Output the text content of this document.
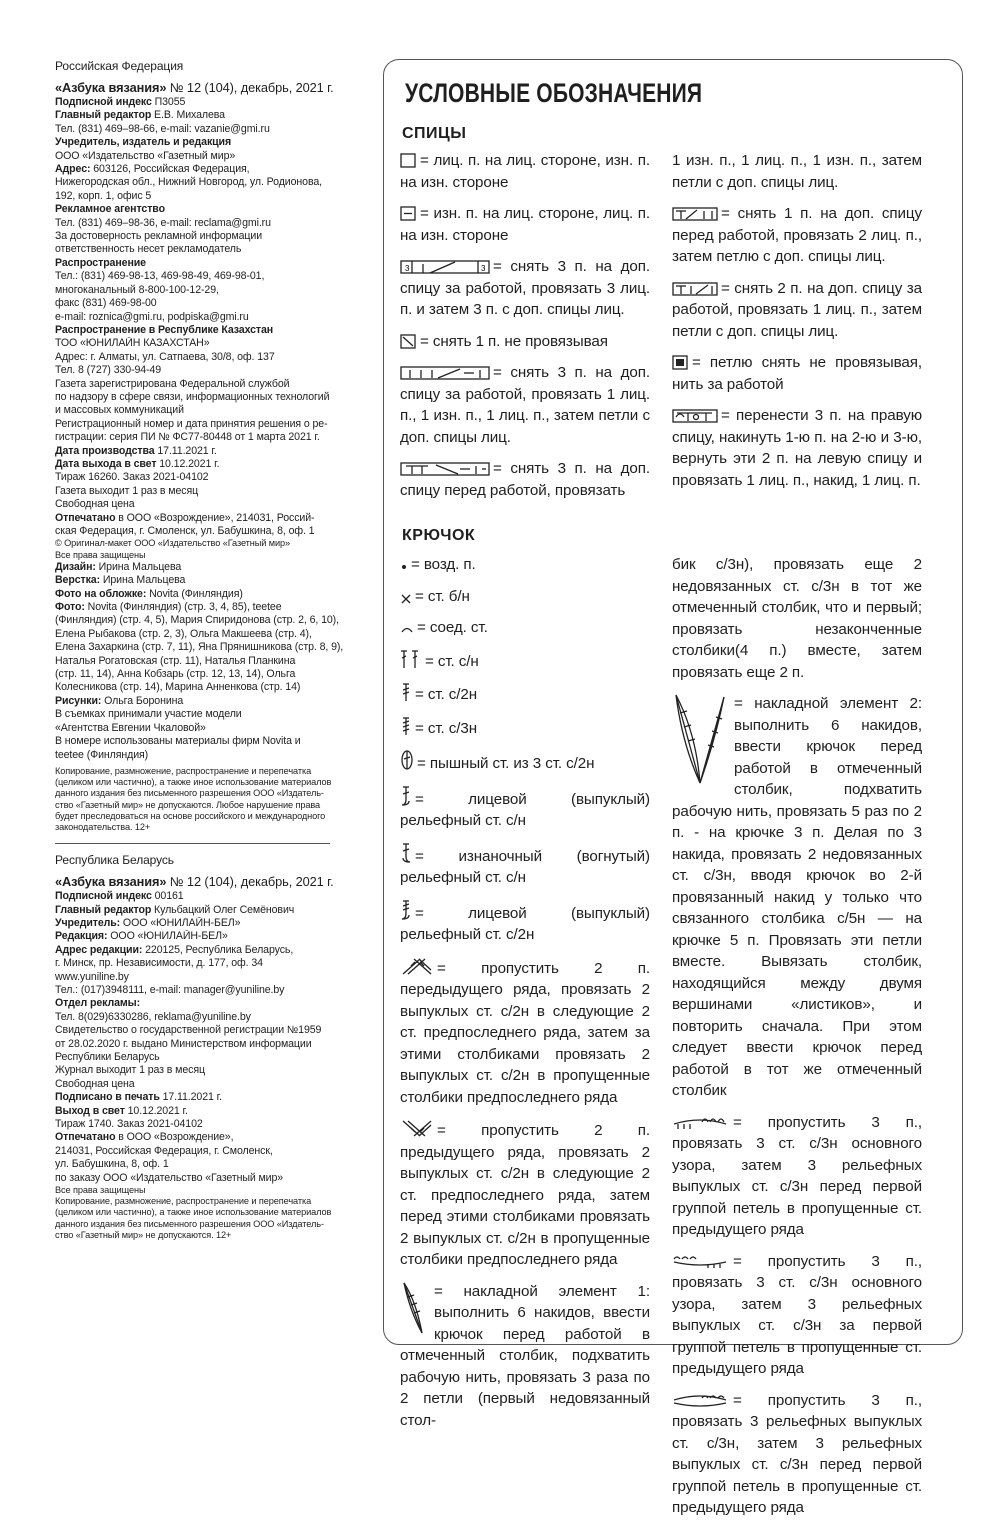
Российская Федерация
«Азбука вязания» № 12 (104), декабрь, 2021 г.
Подписной индекс П3055
Главный редактор Е.В. Михалева
Тел. (831) 469–98-66, e-mail: vazanie@gmi.ru
Учредитель, издатель и редакция
ООО «Издательство «Газетный мир»
Адрес: 603126, Российская Федерация,
Нижегородская обл., Нижний Новгород, ул. Родионова,
192, корп. 1, офис 5
Рекламное агентство
Тел. (831) 469–98-36, e-mail: reclama@gmi.ru
За достоверность рекламной информации
ответственность несет рекламодатель
Распространение
Тел.: (831) 469-98-13, 469-98-49, 469-98-01,
многоканальный 8-800-100-12-29,
факс (831) 469-98-00
e-mail: roznica@gmi.ru, podpiska@gmi.ru
Распространение в Республике Казахстан
ТОО «ЮНИЛАЙН КАЗАХСТАН»
Адрес: г. Алматы, ул. Сатпаева, 30/8, оф. 137
Тел. 8 (727) 330-94-49
Газета зарегистрирована Федеральной службой
по надзору в сфере связи, информационных технологий
и массовых коммуникаций
Регистрационный номер и дата принятия решения о ре-
гистрации: серия ПИ № ФС77-80448 от 1 марта 2021 г.
Дата производства 17.11.2021 г.
Дата выхода в свет 10.12.2021 г.
Тираж 16260. Заказ 2021-04102
Газета выходит 1 раз в месяц
Свободная цена
Отпечатано в ООО «Возрождение», 214031, Россий-
ская Федерация, г. Смоленск, ул. Бабушкина, 8, оф. 1
© Оригинал-макет ООО «Издательство «Газетный мир»
Все права защищены
Дизайн: Ирина Мальцева
Верстка: Ирина Мальцева
Фото на обложке: Novita (Финляндия)
Фото: Novita (Финляндия) (стр. 3, 4, 85), teetee
(Финляндия) (стр. 4, 5), Мария Спиридонова (стр. 2, 6, 10),
Елена Рыбакова (стр. 2, 3), Ольга Макшеева (стр. 4),
Елена Захаркина (стр. 7, 11), Яна Прянишникова (стр. 8, 9),
Наталья Рогатовская (стр. 11), Наталья Планкина
(стр. 11, 14), Анна Кобзарь (стр. 12, 13, 14), Ольга
Колесникова (стр. 14), Марина Анненкова (стр. 14)
Рисунки: Ольга Боронина
В съемках принимали участие модели
«Агентства Евгении Чкаловой»
В номере использованы материалы фирм Novita и
teetee (Финляндия)
Копирование, размножение, распространение и перепечатка
(целиком или частично), а также иное использование материалов
данного издания без письменного разрешения ООО «Издатель-
ство «Газетный мир» не допускаются. Любое нарушение права
будет преследоваться на основе российского и международного
законодательства. 12+
Республика Беларусь
«Азбука вязания» № 12 (104), декабрь, 2021 г.
Подписной индекс 00161
Главный редактор Кульбацкий Олег Семёнович
Учредитель: ООО «ЮНИЛАЙН-БЕЛ»
Редакция: ООО «ЮНИЛАЙН-БЕЛ»
Адрес редакции: 220125, Республика Беларусь,
г. Минск, пр. Независимости, д. 177, оф. 34
www.yuniline.by
Тел.: (017)3948111, e-mail: manager@yuniline.by
Отдел рекламы:
Тел. 8(029)6330286, reklama@yuniline.by
Свидетельство о государственной регистрации №1959
от 28.02.2020 г. выдано Министерством информации
Республики Беларусь
Журнал выходит 1 раз в месяц
Свободная цена
Подписано в печать 17.11.2021 г.
Выход в свет 10.12.2021 г.
Тираж 1740. Заказ 2021-04102
Отпечатано в ООО «Возрождение»,
214031, Российская Федерация, г. Смоленск,
ул. Бабушкина, 8, оф. 1
по заказу ООО «Издательство «Газетный мир»
Все права защищены
Копирование, размножение, распространение и перепечатка
(целиком или частично), а также иное использование материалов
данного издания без письменного разрешения ООО «Издатель-
ство «Газетный мир» не допускаются. 12+
УСЛОВНЫЕ ОБОЗНАЧЕНИЯ
СПИЦЫ
КРЮЧОК

= лиц. п. на лиц. стороне, изн. п. на изн. стороне

= изн. п. на лиц. стороне, лиц. п. на изн. стороне

3	3 = снять 3 п. на доп. спицу за работой, провязать 3 лиц. п. и затем 3 п. с доп. спицы лиц.

= снять 1 п. не провязывая

= снять 3 п. на доп. спицу за работой, провязать 1 лиц. п., 1 изн. п., 1 лиц. п., затем петли с доп. спицы лиц.

= снять 3 п. на доп. спицу перед работой, провязать

1 изн. п., 1 лиц. п., 1 изн. п., затем петли с доп. спицы лиц.

= снять 1 п. на доп. спицу перед работой, провязать 2 лиц. п., затем петлю с доп. спицы лиц.

= снять 2 п. на доп. спицу за работой, провязать 1 лиц. п., затем петли с доп. спицы лиц.

= петлю снять не провязывая, нить за работой

= перенести 3 п. на правую спицу, накинуть 1-ю п. на 2-ю и 3-ю, вернуть эти 2 п. на левую спицу и провязать 1 лиц. п., накид, 1 лиц. п.

= возд. п.

= ст. б/н

= соед. ст.

= ст. с/н

= ст. с/2н

= ст. с/3н

= пышный ст. из 3 ст. с/2н

= лицевой (выпуклый) рельефный ст. с/н

= изнаночный (вогнутый) рельефный ст. с/н

= лицевой (выпуклый) рельефный ст. с/2н

= пропустить 2 п. передыдущего ряда, провязать 2 выпуклых ст. с/2н в следующие 2 ст. предпоследнего ряда, затем за этими столбиками провязать 2 выпуклых ст. с/2н в пропущенные столбики предпоследнего ряда

= пропустить 2 п. предыдущего ряда, провязать 2 выпуклых ст. с/2н в следующие 2 ст. предпоследнего ряда, затем перед этими столбиками провязать 2 выпуклых ст. с/2н в пропущенные столбики предпоследнего ряда

= накладной элемент 1: выполнить 6 накидов, ввести крючок перед работой в отмеченный столбик, подхватить рабочую нить, провязать 3 раза по 2 петли (первый недовязанный стол-

бик с/3н), провязать еще 2 недовязанных ст. с/3н в тот же отмеченный столбик, что и первый; провязать незаконченные столбики(4 п.) вместе, затем провязать еще 2 п.

= накладной элемент 2: выполнить 6 накидов, ввести крючок перед работой в отмеченный столбик, подхватить рабочую нить, провязать 5 раз по 2 п. - на крючке 3 п. Делая по 3 накида, провязать 2 недовязанных ст. с/3н, вводя крючок во 2-й провязанный накид у только что связанного столбика с/5н — на крючке 5 п. Провязать эти петли вместе. Вывязать столбик, находящийся между двумя вершинами «листиков», и повторить сначала. При этом следует ввести крючок перед работой в тот же отмеченный столбик

= пропустить 3 п., провязать 3 ст. с/3н основного узора, затем 3 рельефных выпуклых ст. с/3н перед первой группой петель в пропущенные ст. предыдущего ряда

= пропустить 3 п., провязать 3 ст. с/3н основного узора, затем 3 рельефных выпуклых ст. с/3н за первой группой петель в пропущенные ст. предыдущего ряда

= пропустить 3 п., провязать 3 рельефных выпуклых ст. с/3н, затем 3 рельефных выпуклых ст. с/3н перед первой группой петель в пропущенные ст. предыдущего ряда
